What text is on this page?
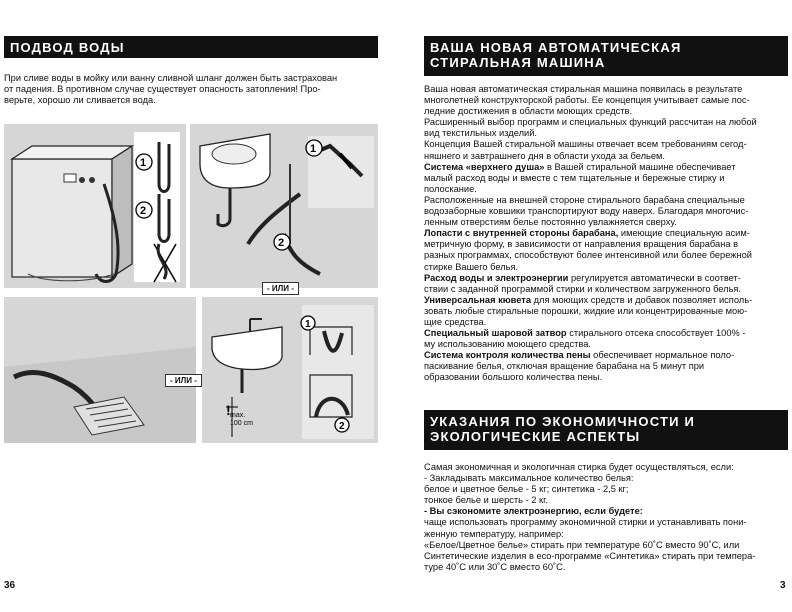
ПОДВОД ВОДЫ

При сливе воды в мойку или ванну сливной шланг должен быть застрахован

от падения. В противном случае существует опасность затопления! Про-

верьте, хорошо ли сливается вода.

1
2
1
2
- ИЛИ -
- ИЛИ -
! max.
100 cm
1
2
36
ВАША НОВАЯ АВТОМАТИЧЕСКАЯ
СТИРАЛЬНАЯ МАШИНА

Ваша новая автоматическая стиральная машина появилась в результате

многолетней конструкторской работы. Ее концепция учитывает самые пос-

ледние достижения в области моющих средств.

Расширенный выбор программ и специальных функций рассчитан на любой

вид текстильных изделий.

Концепция Вашей стиральной машины отвечает всем требованиям сегод-

няшнего и завтрашнего дня в области ухода за бельем.

Система «верхнего душа» в Вашей стиральной машине обеспечивает

малый расход воды и вместе с тем тщательные и бережные стирку и

полоскание.

Расположенные на внешней стороне стирального барабана специальные

водозаборные ковшики транспортируют воду наверх. Благодаря многочис-

ленным отверстиям белье постоянно увлажняется сверху.

Лопасти с внутренней стороны барабана, имеющие специальную асим-

метричную форму, в зависимости от направления вращения барабана в

разных программах, способствуют более интенсивной или более бережной

стирке Вашего белья.

Расход воды и электроэнергии регулируется автоматически в соответ-

ствии с заданной программой стирки и количеством загруженного белья.

Универсальная кювета для моющих средств и добавок позволяет исполь-

зовать любые стиральные порошки, жидкие или концентрированные мою-

щие средства.

Специальный шаровой затвор стирального отсека способствует 100% -

му использованию моющего средства.

Система контроля количества пены обеспечивает нормальное поло-

паскивание белья, отключая вращение барабана на 5 минут при

образовании большого количества пены.

УКАЗАНИЯ ПО ЭКОНОМИЧНОСТИ И
ЭКОЛОГИЧЕСКИЕ АСПЕКТЫ

Самая экономичная и экологичная стирка будет осуществляться, если:

- Закладывать максимальное количество белья:

белое и цветное белье - 5 кг; синтетика - 2,5 кг;

тонкое белье и шерсть - 2 кг.

- Вы сэкономите электроэнергию, если будете:

чаще использовать программу экономичной стирки и устанавливать пони-

женную температуру, например:

«Белое/Цветное белье» стирать при температуре 60˚С вместо 90˚С, или

Синтетические изделия в eco-программе «Синтетика» стирать при темпера-

туре 40˚С или 30˚С вместо 60˚С.

3
